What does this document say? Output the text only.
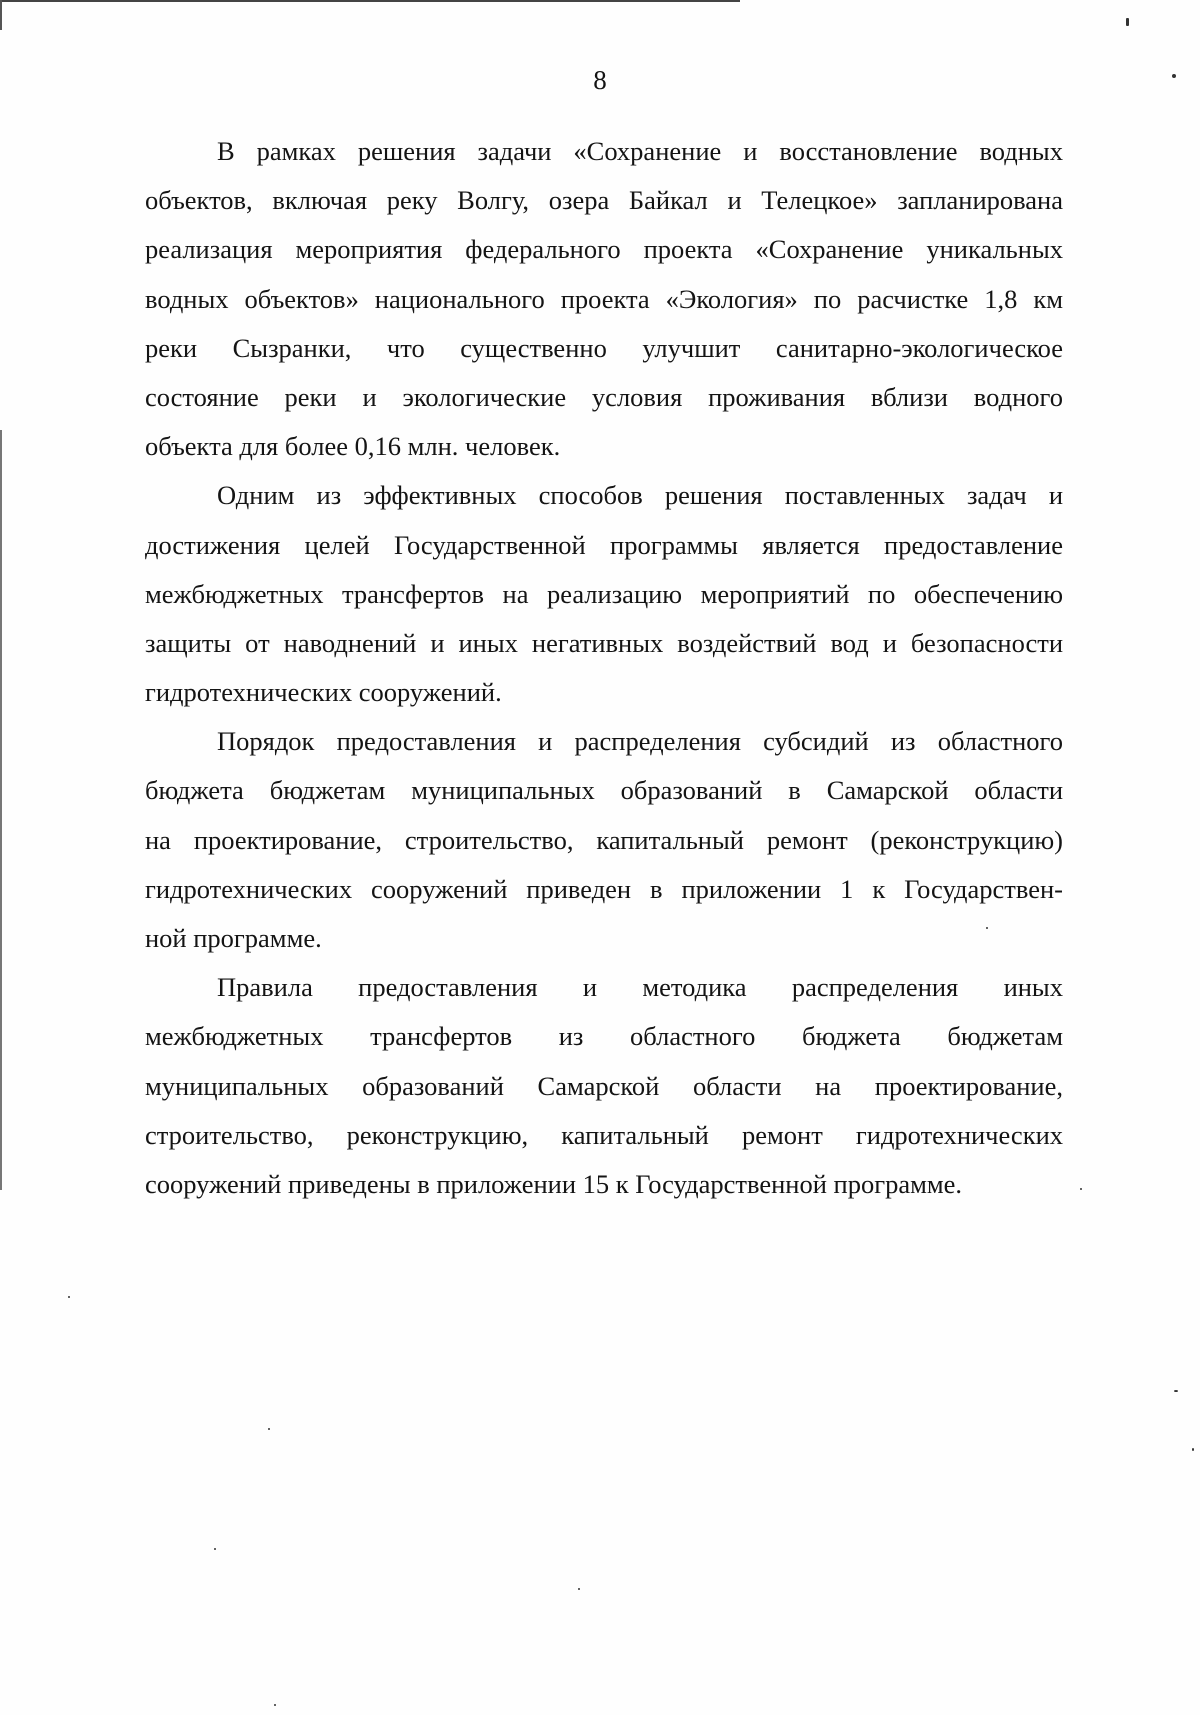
8
В рамках решения задачи «Сохранение и восстановление водных
объектов, включая реку Волгу, озера Байкал и Телецкое» запланирована
реализация мероприятия федерального проекта «Сохранение уникальных
водных объектов» национального проекта «Экология» по расчистке 1,8 км
реки Сызранки, что существенно улучшит санитарно-экологическое
состояние реки и экологические условия проживания вблизи водного
объекта для более 0,16 млн. человек.
Одним из эффективных способов решения поставленных задач и
достижения целей Государственной программы является предоставление
межбюджетных трансфертов на реализацию мероприятий по обеспечению
защиты от наводнений и иных негативных воздействий вод и безопасности
гидротехнических сооружений.
Порядок предоставления и распределения субсидий из областного
бюджета бюджетам муниципальных образований в Самарской области
на проектирование, строительство, капитальный ремонт (реконструкцию)
гидротехнических сооружений приведен в приложении 1 к Государствен-
ной программе.
Правила предоставления и методика распределения иных
межбюджетных трансфертов из областного бюджета бюджетам
муниципальных образований Самарской области на проектирование,
строительство, реконструкцию, капитальный ремонт гидротехнических
сооружений приведены в приложении 15 к Государственной программе.
